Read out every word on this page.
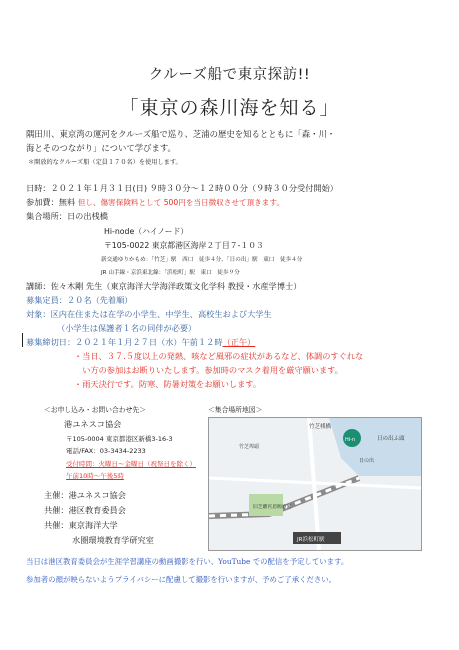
クルーズ船で東京探訪!!
「東京の森川海を知る」
隅田川、東京湾の運河をクルーズ船で巡り、芝浦の歴史を知るとともに「森・川・
海とそのつながり」について学びます。
＊開放的なクルーズ船（定員１７０名）を使用します。
日時：２０２１年１月３１日(日) ９時３０分～１２時００分（９時３０分受付開始）
参加費：無料 但し、傷害保険料として 500円を当日徴収させて頂きます。
集合場所：日の出桟橋
Hi-node（ハイノード）
〒105-0022 東京都港区海岸２丁目７-１０３
新交通ゆりかもめ：「竹芝」駅　西口　徒歩４分、「日の出」駅　東口　徒歩４分
JR 山手線・京浜東北線：「浜松町」駅　東口　徒歩９分
講師：佐々木剛 先生（東京海洋大学海洋政策文化学科 教授・水産学博士）
募集定員：２０名（先着順）
対象：区内在住または在学の小学生、中学生、高校生および大学生
（小学生は保護者１名の同伴が必要）
募集締切日：２０２１年１月２７日（水）午前１２時（正午）
・当日、３７.５度以上の発熱、咳など風邪の症状があるなど、体調のすぐれな
　い方の参加はお断りいたします。参加時のマスク着用を厳守願います。
・雨天決行です。防寒、防暑対策をお願いします。
＜お申し込み・お問い合わせ先＞	＜集合場所地図＞
港ユネスコ協会
〒105-0004 東京都港区新橋3-16-3
電話/FAX：03-3434-2233
受付時間：火曜日～金曜日（祝祭日を除く）
午前10時～午後5時
主催：港ユネスコ協会
共催：港区教育委員会
共催：東京海洋大学
水圏環境教育学研究室
Hi-n
竹芝桟橋
日の出ふ頭
旧芝離宮恩賜庭園
JR浜松町駅
竹芝埠頭
日の出
当日は港区教育委員会が生涯学習講座の動画撮影を行い、YouTube での配信を予定しています。
参加者の顔が映らないようプライバシーに配慮して撮影を行いますが、予めご了承ください。
